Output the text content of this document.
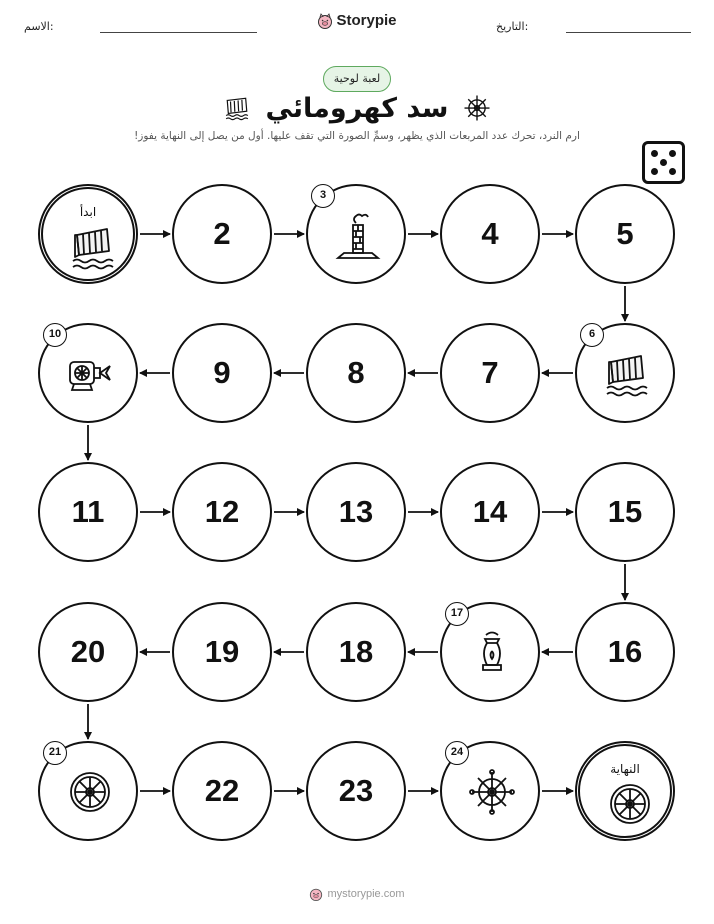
الاسم:	Storypie	التاريخ:
لعبة لوحية
سد كهرومائي
ارم النرد، تحرك عدد المربعات الذي يظهر، وسمِّ الصورة التي تقف عليها. أول من يصل إلى النهاية يفوز!
ابدأ
2
3
4	5
6
7
8
9
10
11	12	13	14	15
16
17
18
19
20
21
22	23
24
النهاية
mystorypie.com
